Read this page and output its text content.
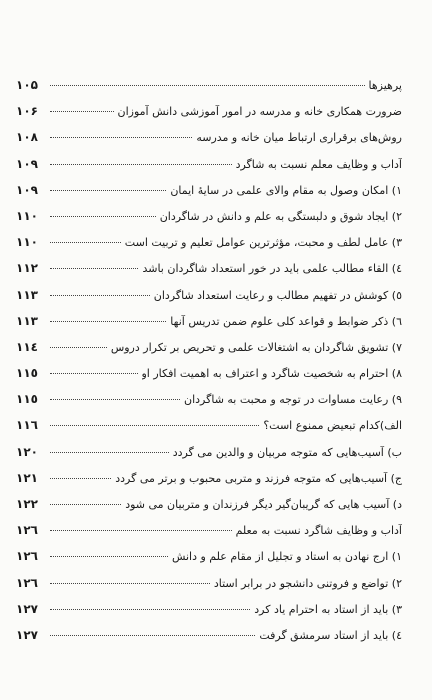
پرهیزها
۱۰۵
ضرورت همکاری خانه و مدرسه در امور آموزشی دانش آموزان
۱۰۶
روش‌های برقراری ارتباط میان خانه و مدرسه
۱۰۸
آداب و وظایف معلم نسبت به شاگرد
۱۰۹
۱) امکان وصول به مقام والای علمی در سایهٔ ایمان
۱۰۹
۲) ایجاد شوق و دلبستگی به علم و دانش در شاگردان
۱۱۰
۳) عامل لطف و محبت، مؤثرترین عوامل تعلیم و تربیت است
۱۱۰
٤) القاء مطالب علمی باید در خور استعداد شاگردان باشد
۱۱۲
٥) کوشش در تفهیم مطالب و رعایت استعداد شاگردان
۱۱۳
٦) ذکر ضوابط و قواعد کلی علوم ضمن تدریس آنها
۱۱۳
۷) تشویق شاگردان به اشتغالات علمی و تحریص بر تکرار دروس
۱۱٤
۸) احترام به شخصیت شاگرد و اعتراف به اهمیت افکار او
۱۱٥
۹) رعایت مساوات در توجه و محبت به شاگردان
۱۱٥
الف)کدام تبعیض ممنوع است؟
۱۱٦
ب) آسیب‌هایی که متوجه مربیان و والدین می گردد
۱۲۰
ج) آسیب‌هایی که متوجه فرزند و متربی محبوب و برتر می گردد
۱۲۱
د) آسیب هایی که گریبان‌گیر دیگر فرزندان و متربیان می شود
۱۲۲
آداب و وظایف شاگرد نسبت به معلم
۱۲٦
۱) ارج نهادن به استاد و تجلیل از مقام علم و دانش
۱۲٦
۲) تواضع و فروتنی دانشجو در برابر استاد
۱۲٦
۳) باید از استاد به احترام یاد کرد
۱۲۷
٤) باید از استاد سرمشق گرفت
۱۲۷
